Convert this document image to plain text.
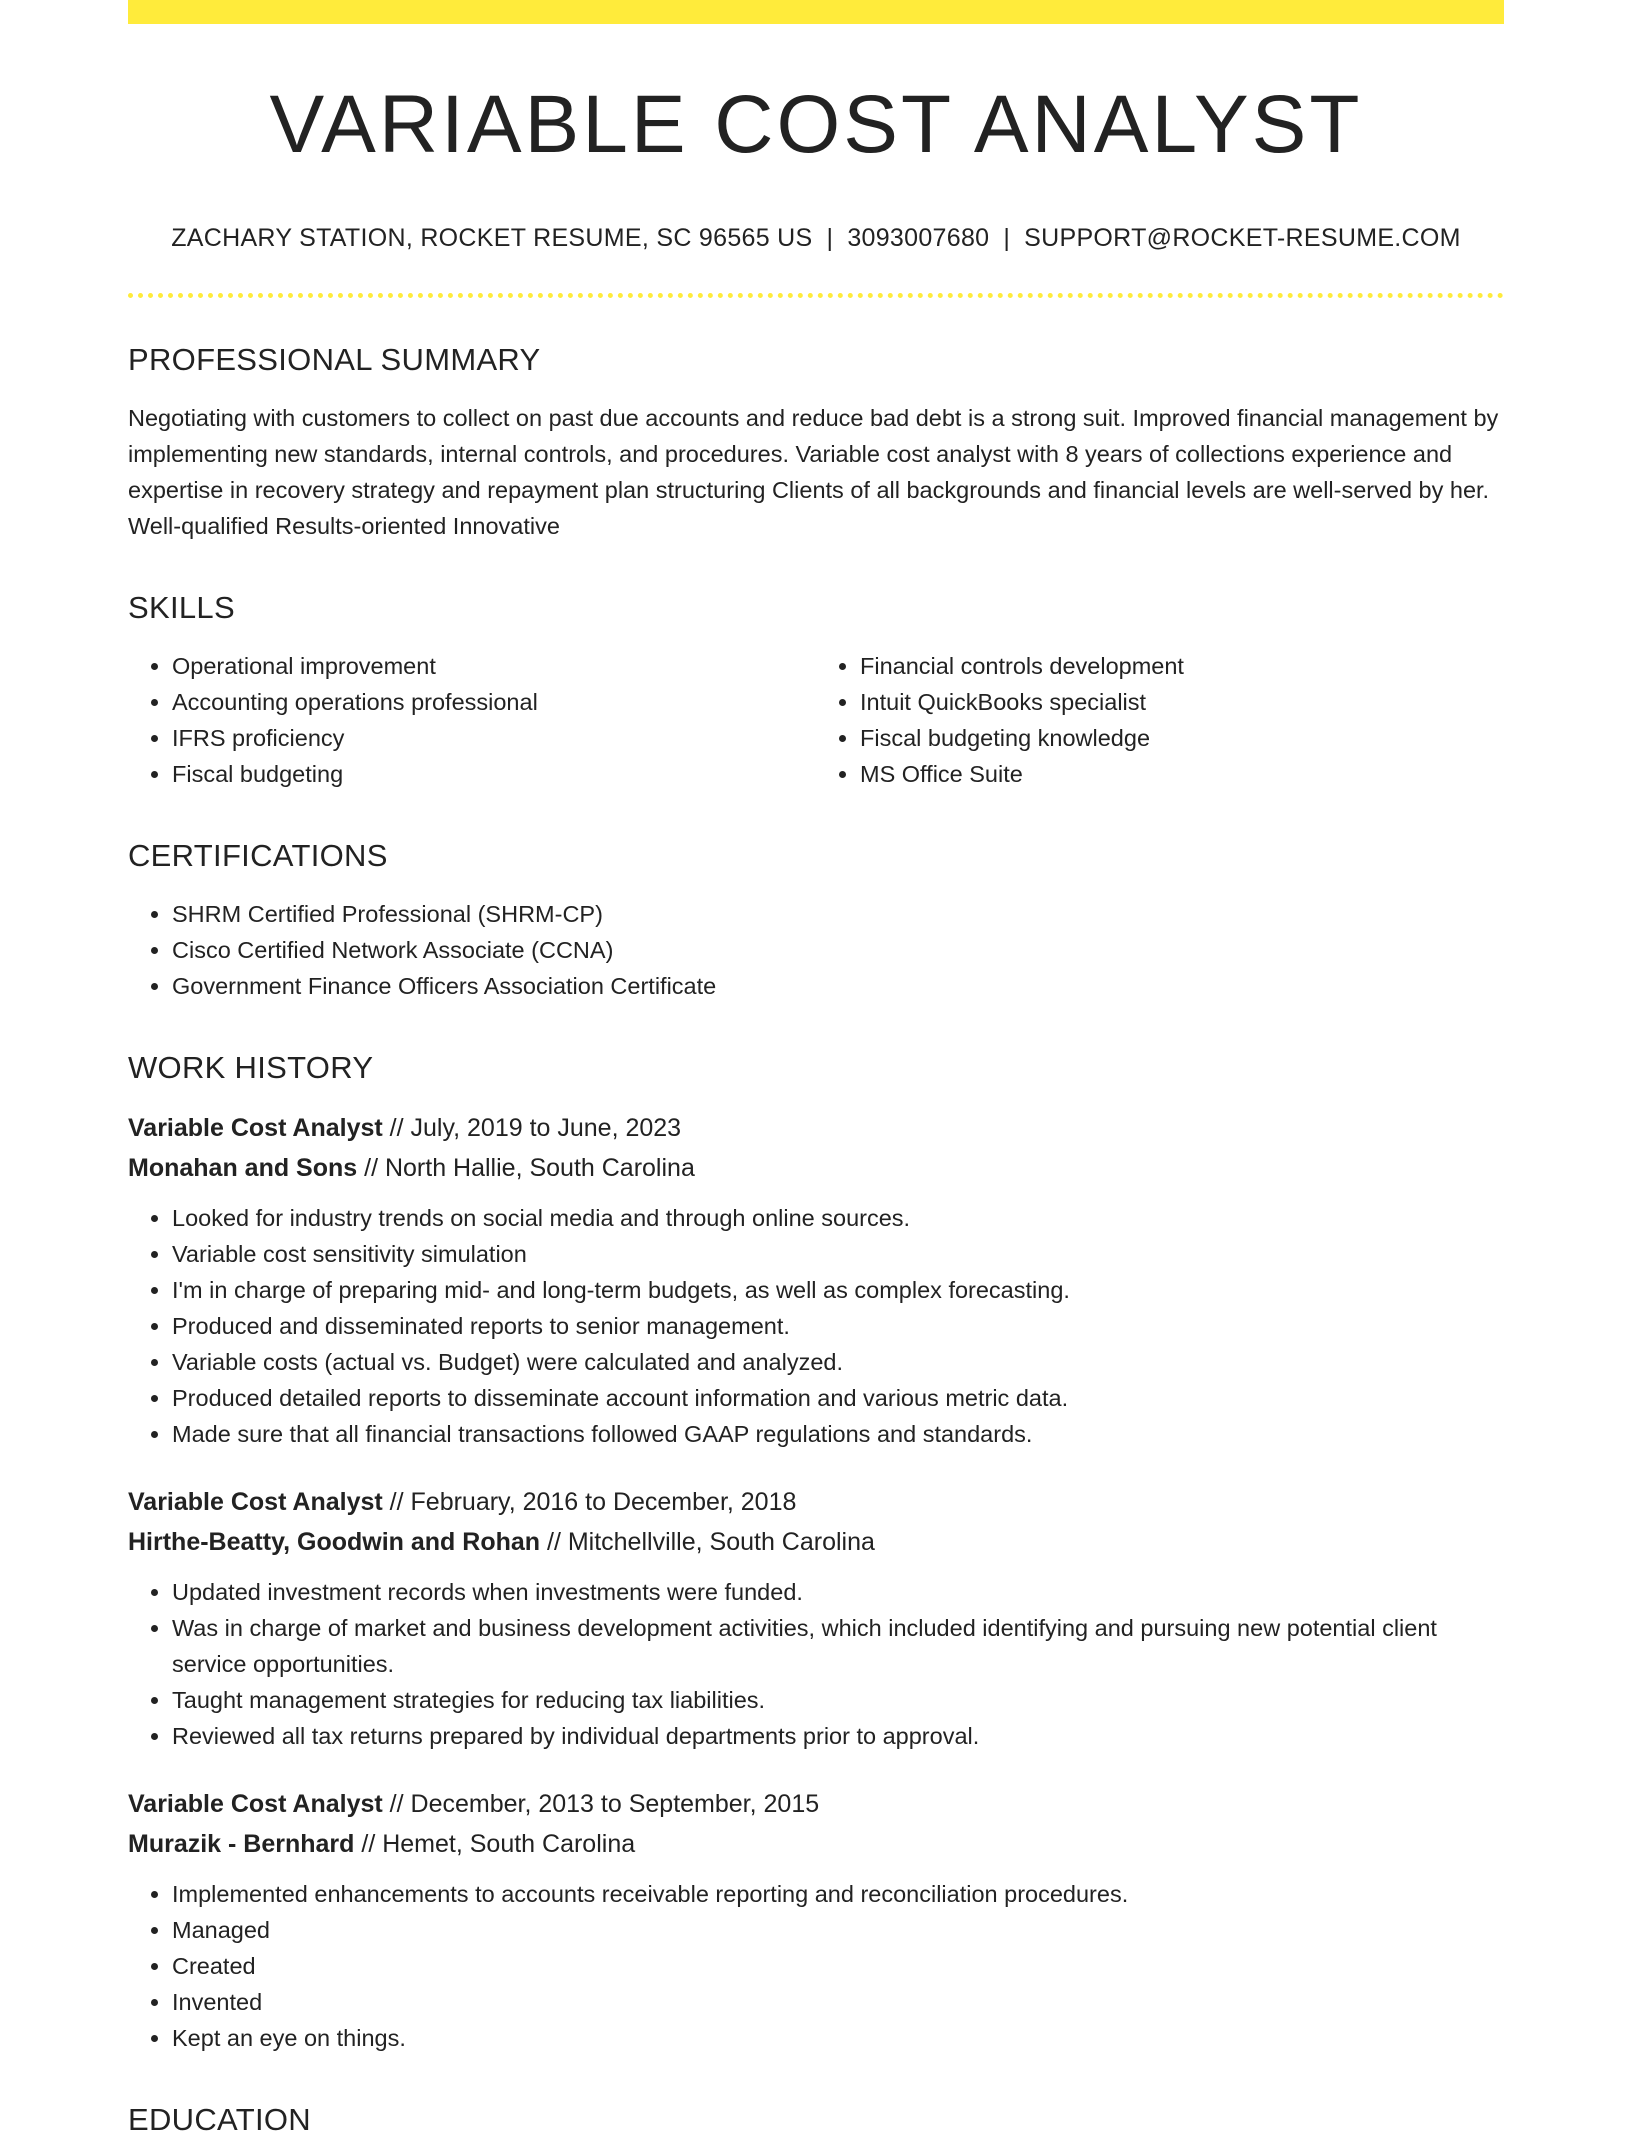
VARIABLE COST ANALYST
ZACHARY STATION, ROCKET RESUME, SC 96565 US | 3093007680 | SUPPORT@ROCKET-RESUME.COM
PROFESSIONAL SUMMARY

Negotiating with customers to collect on past due accounts and reduce bad debt is a strong suit. Improved financial management by implementing new standards, internal controls, and procedures. Variable cost analyst with 8 years of collections experience and expertise in recovery strategy and repayment plan structuring Clients of all backgrounds and financial levels are well-served by her. Well-qualified Results-oriented Innovative

SKILLS
• Operational improvement
• Accounting operations professional
• IFRS proficiency
• Fiscal budgeting
• Financial controls development
• Intuit QuickBooks specialist
• Fiscal budgeting knowledge
• MS Office Suite
CERTIFICATIONS
• SHRM Certified Professional (SHRM-CP)
• Cisco Certified Network Associate (CCNA)
• Government Finance Officers Association Certificate
WORK HISTORY
Variable Cost Analyst // July, 2019 to June, 2023
Monahan and Sons // North Hallie, South Carolina
• Looked for industry trends on social media and through online sources.
• Variable cost sensitivity simulation
• I'm in charge of preparing mid- and long-term budgets, as well as complex forecasting.
• Produced and disseminated reports to senior management.
• Variable costs (actual vs. Budget) were calculated and analyzed.
• Produced detailed reports to disseminate account information and various metric data.
• Made sure that all financial transactions followed GAAP regulations and standards.
Variable Cost Analyst // February, 2016 to December, 2018
Hirthe-Beatty, Goodwin and Rohan // Mitchellville, South Carolina
• Updated investment records when investments were funded.
• Was in charge of market and business development activities, which included identifying and pursuing new potential client service opportunities.
• Taught management strategies for reducing tax liabilities.
• Reviewed all tax returns prepared by individual departments prior to approval.
Variable Cost Analyst // December, 2013 to September, 2015
Murazik - Bernhard // Hemet, South Carolina
• Implemented enhancements to accounts receivable reporting and reconciliation procedures.
• Managed
• Created
• Invented
• Kept an eye on things.
EDUCATION
